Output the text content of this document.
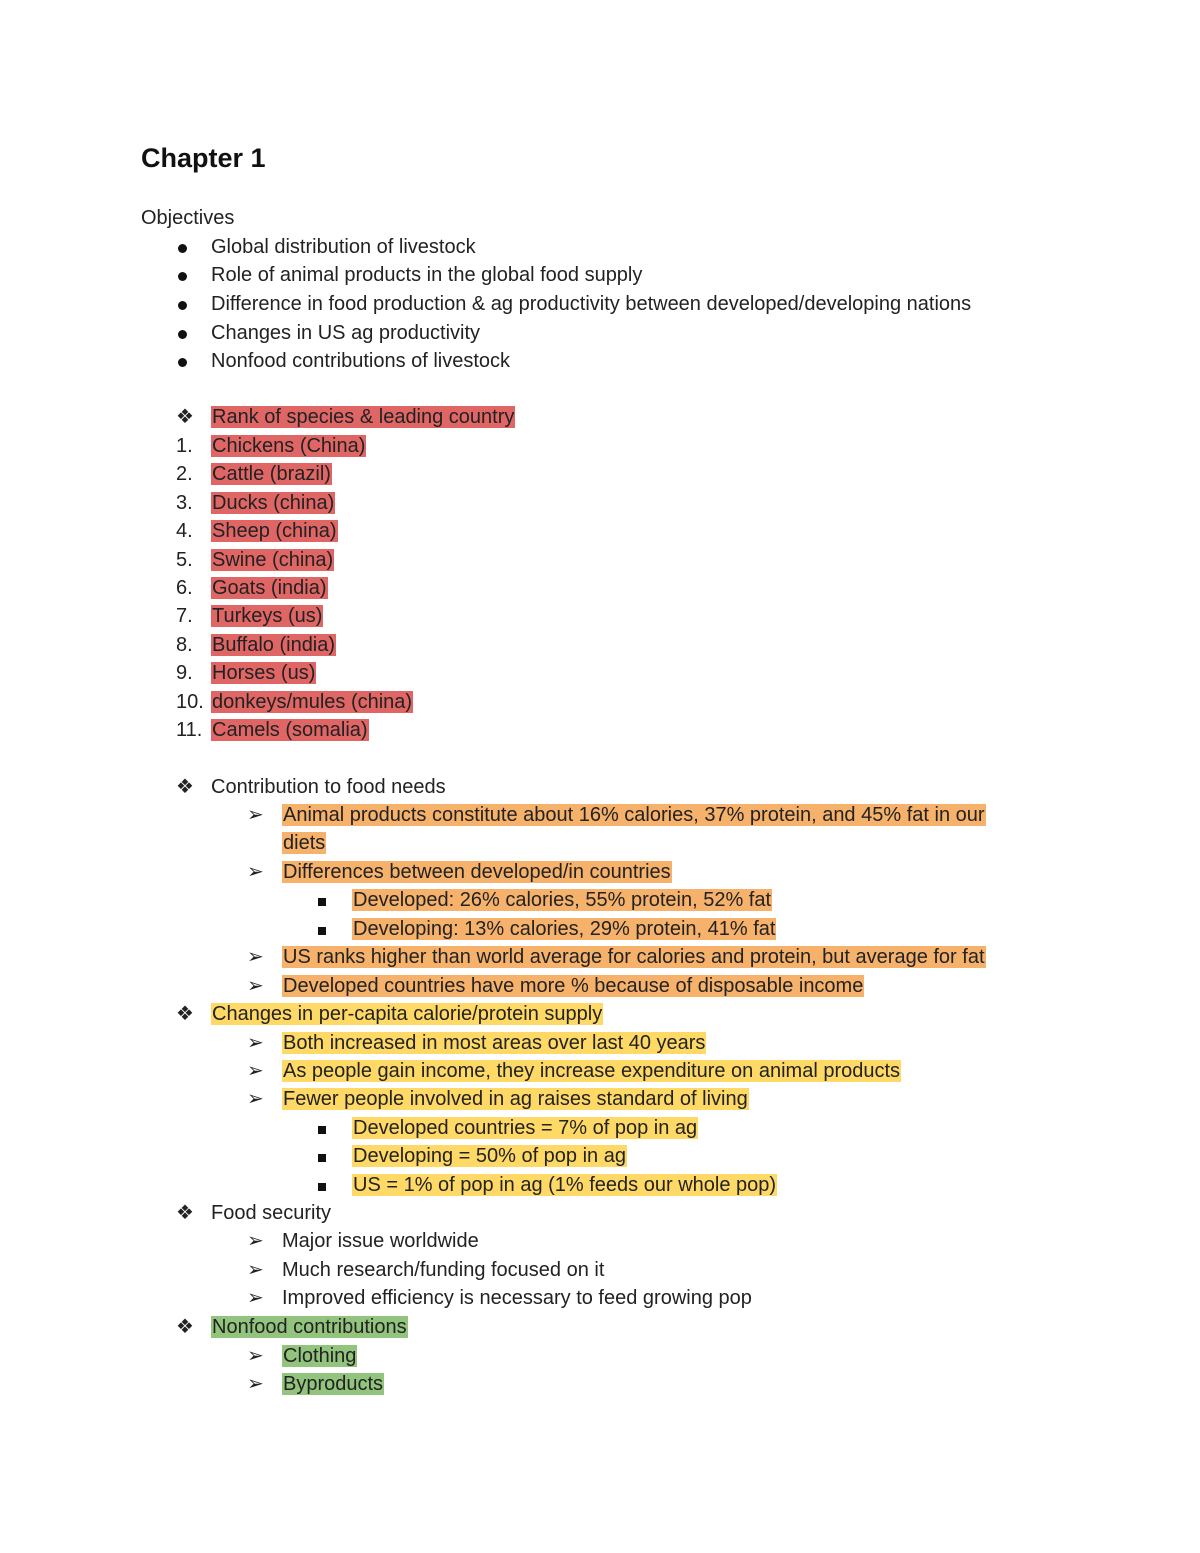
Chapter 1
Objectives
Global distribution of livestock
Role of animal products in the global food supply
Difference in food production & ag productivity between developed/developing nations
Changes in US ag productivity
Nonfood contributions of livestock
❖ Rank of species & leading country
1. Chickens (China)
2. Cattle (brazil)
3. Ducks (china)
4. Sheep (china)
5. Swine (china)
6. Goats (india)
7. Turkeys (us)
8. Buffalo (india)
9. Horses (us)
10. donkeys/mules (china)
11. Camels (somalia)
❖ Contribution to food needs
➢ Animal products constitute about 16% calories, 37% protein, and 45% fat in our
diets
➢ Differences between developed/in countries
Developed: 26% calories, 55% protein, 52% fat
Developing: 13% calories, 29% protein, 41% fat
➢ US ranks higher than world average for calories and protein, but average for fat
➢ Developed countries have more % because of disposable income
❖ Changes in per-capita calorie/protein supply
➢ Both increased in most areas over last 40 years
➢ As people gain income, they increase expenditure on animal products
➢ Fewer people involved in ag raises standard of living
Developed countries = 7% of pop in ag
Developing = 50% of pop in ag
US = 1% of pop in ag (1% feeds our whole pop)
❖ Food security
➢ Major issue worldwide
➢ Much research/funding focused on it
➢ Improved efficiency is necessary to feed growing pop
❖ Nonfood contributions
➢ Clothing
➢ Byproducts
